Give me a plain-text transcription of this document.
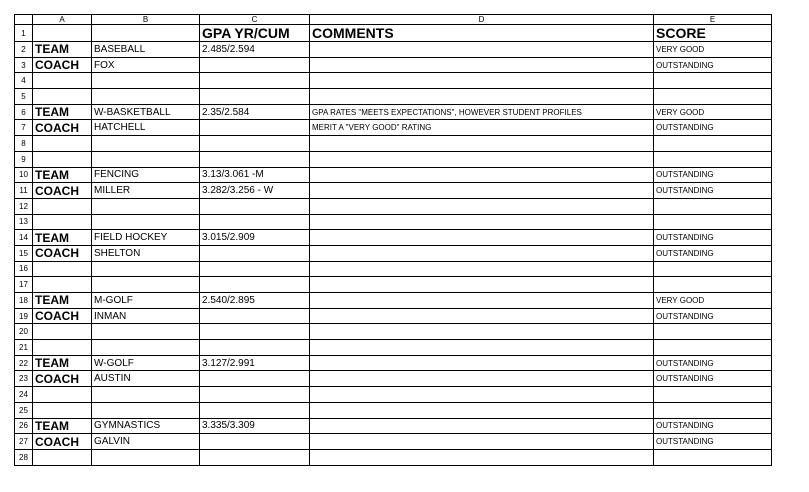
	A	B	C	D	E
1			GPA YR/CUM	COMMENTS	SCORE
2	TEAM	BASEBALL	2.485/2.594		VERY GOOD
3	COACH	FOX			OUTSTANDING
4					
5					
6	TEAM	W-BASKETBALL	2.35/2.584	GPA RATES "MEETS EXPECTATIONS", HOWEVER STUDENT PROFILES	VERY GOOD
7	COACH	HATCHELL		MERIT A "VERY GOOD" RATING	OUTSTANDING
8					
9					
10	TEAM	FENCING	3.13/3.061 -M		OUTSTANDING
11	COACH	MILLER	3.282/3.256 - W		OUTSTANDING
12					
13					
14	TEAM	FIELD HOCKEY	3.015/2.909		OUTSTANDING
15	COACH	SHELTON			OUTSTANDING
16					
17					
18	TEAM	M-GOLF	2.540/2.895		VERY GOOD
19	COACH	INMAN			OUTSTANDING
20					
21					
22	TEAM	W-GOLF	3.127/2.991		OUTSTANDING
23	COACH	AUSTIN			OUTSTANDING
24					
25					
26	TEAM	GYMNASTICS	3.335/3.309		OUTSTANDING
27	COACH	GALVIN			OUTSTANDING
28					
